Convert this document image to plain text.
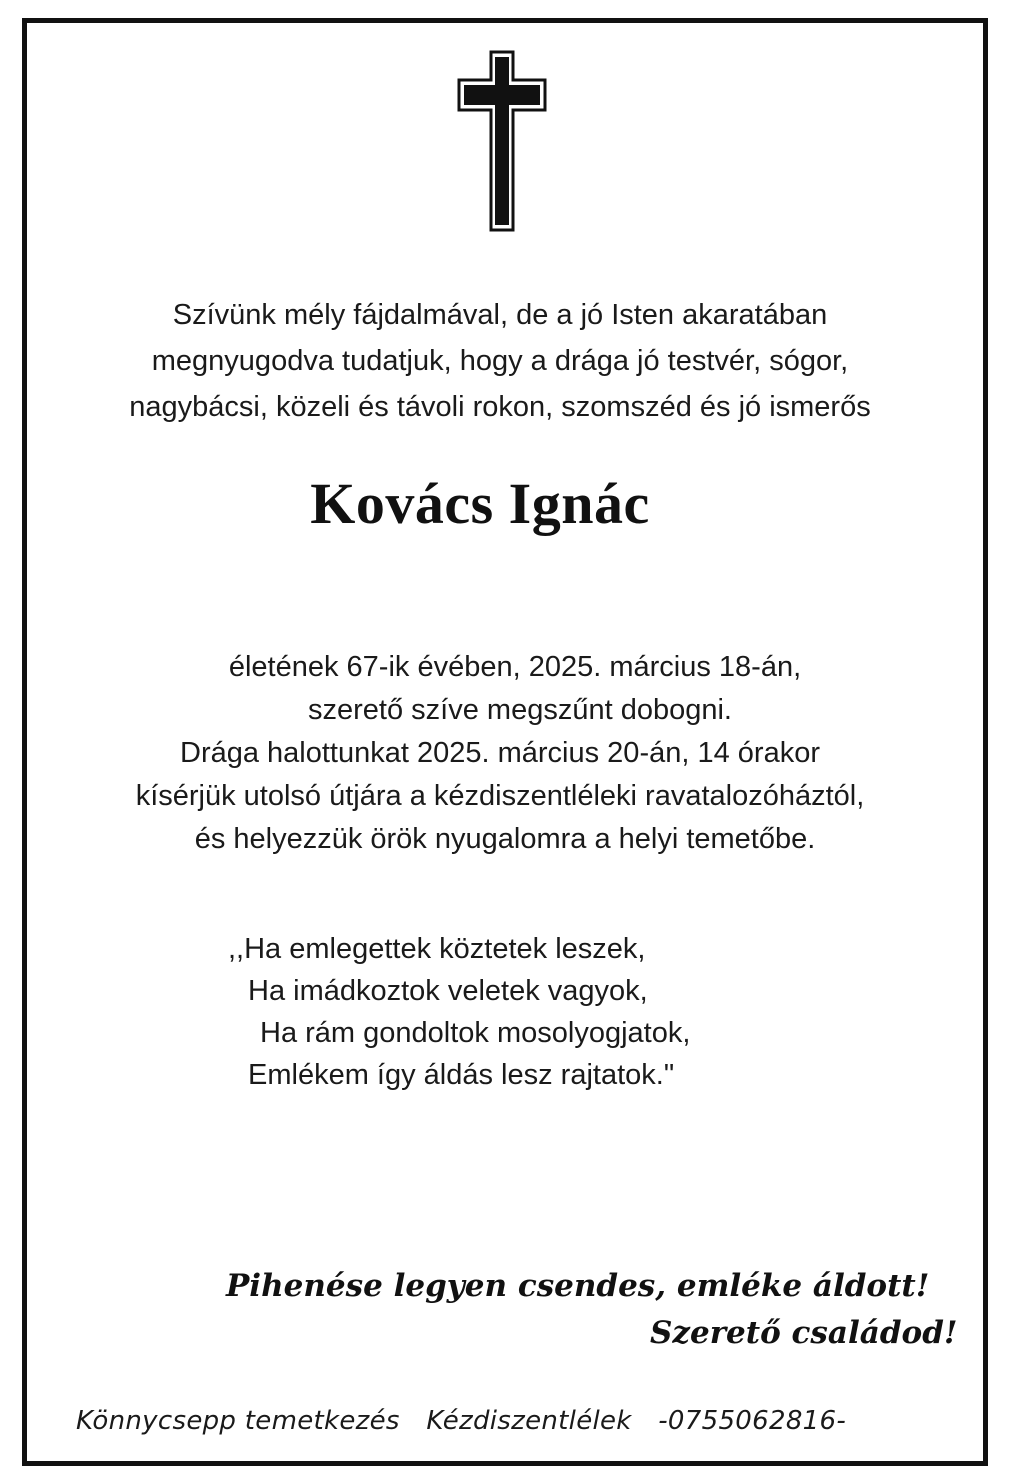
Szívünk mély fájdalmával, de a jó Isten akaratában
megnyugodva tudatjuk, hogy a drága jó testvér, sógor,
nagybácsi, közeli és távoli rokon, szomszéd és jó ismerős
Kovács Ignác
életének 67-ik évében, 2025. március 18-án,
szerető szíve megszűnt dobogni.
Drága halottunkat 2025. március 20-án, 14 órakor
kísérjük utolsó útjára a kézdiszentléleki ravatalozóháztól,
és helyezzük örök nyugalomra a helyi temetőbe.
,,Ha emlegettek köztetek leszek,
Ha imádkoztok veletek vagyok,
Ha rám gondoltok mosolyogjatok,
Emlékem így áldás lesz rajtatok."
Pihenése legyen csendes, emléke áldott!
Szerető családod!
Könnycsepp temetkezés Kézdiszentlélek -0755062816-
